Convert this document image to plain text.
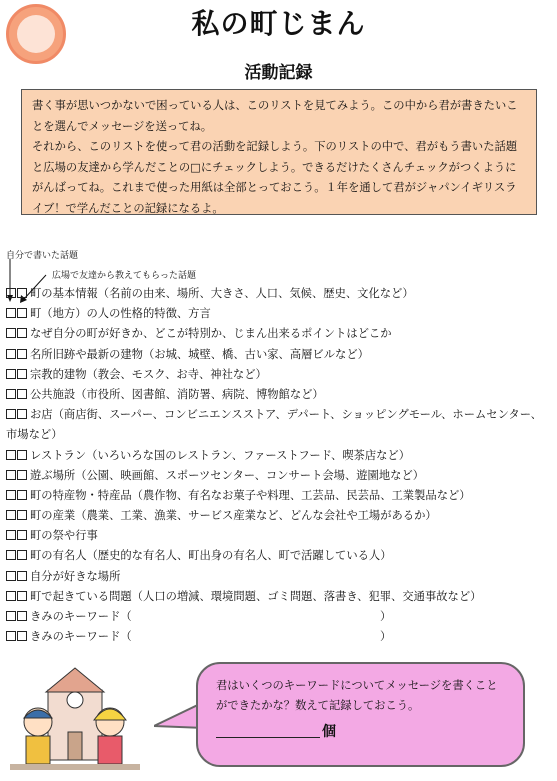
私の町じまん
活動記録

書く事が思いつかないで困っている人は、このリストを見てみよう。この中から君が書きたいことを選んでメッセージを送ってね。

それから、このリストを使って君の活動を記録しよう。下のリストの中で、君がもう書いた話題と広場の友達から学んだことの□にチェックしよう。できるだけたくさんチェックがつくようにがんばってね。これまで使った用紙は全部とっておこう。１年を通して君がジャパンイギリスライブ！で学んだことの記録になるよ。

自分で書いた話題
広場で友達から教えてもらった話題
町の基本情報（名前の由来、場所、大きさ、人口、気候、歴史、文化など）
町（地方）の人の性格的特徴、方言
なぜ自分の町が好きか、どこが特別か、じまん出来るポイントはどこか
名所旧跡や最新の建物（お城、城壁、橋、古い家、高層ビルなど）
宗教的建物（教会、モスク、お寺、神社など）
公共施設（市役所、図書館、消防署、病院、博物館など）
お店（商店街、スーパー、コンビニエンスストア、デパート、ショッピングモール、ホームセンター、市場など）
レストラン（いろいろな国のレストラン、ファーストフード、喫茶店など）
遊ぶ場所（公園、映画館、スポーツセンター、コンサート会場、遊園地など）
町の特産物・特産品（農作物、有名なお菓子や料理、工芸品、民芸品、工業製品など）
町の産業（農業、工業、漁業、サービス産業など、どんな会社や工場があるか）
町の祭や行事
町の有名人（歴史的な有名人、町出身の有名人、町で活躍している人）
自分が好きな場所
町で起きている問題（人口の増減、環境問題、ゴミ問題、落書き、犯罪、交通事故など）
きみのキーワード（	）
きみのキーワード（	）
君はいくつのキーワードについてメッセージを書くことができたかな？数えて記録しておこう。
個
